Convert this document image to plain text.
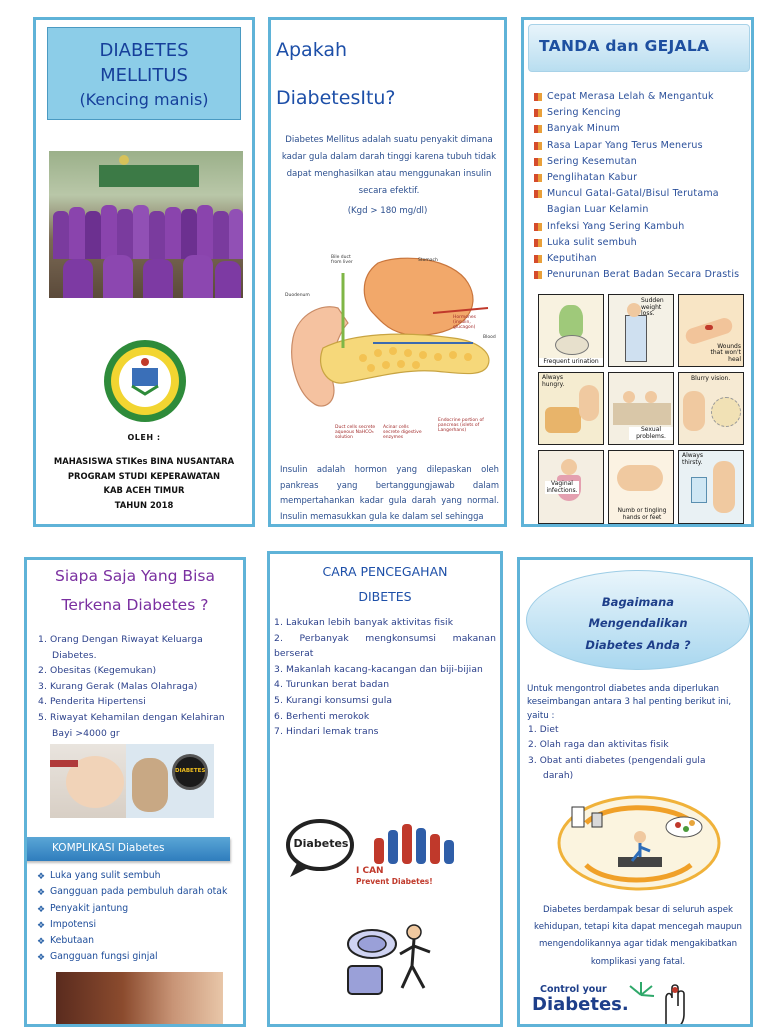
DIABETES
MELLITUS
(Kencing manis)
OLEH :
MAHASISWA STIKes BINA NUSANTARA
PROGRAM STUDI KEPERAWATAN
KAB ACEH TIMUR
TAHUN 2018
Apakah
DiabetesItu?
Diabetes Mellitus adalah suatu penyakit dimana kadar gula dalam darah tinggi karena tubuh tidak dapat menghasilkan atau menggunakan insulin secara efektif.
(Kgd > 180 mg/dl)
Bile duct from liver	Stomach
Duodenum
Hormones (insulin, glucagon)
Blood
Duct cells secrete aqueous NaHCO₃ solution
Acinar cells secrete digestive enzymes
Endocrine portion of pancreas (islets of Langerhans)
Insulin adalah hormon yang dilepaskan oleh pankreas yang bertanggungjawab dalam mempertahankan kadar gula darah yang normal. Insulin memasukkan gula ke dalam sel sehingga
TANDA dan GEJALA
Cepat Merasa Lelah & Mengantuk
Sering Kencing
Banyak Minum
Rasa Lapar Yang Terus Menerus
Sering Kesemutan
Penglihatan Kabur
Muncul Gatal-Gatal/Bisul Terutama
Bagian Luar Kelamin
Infeksi Yang Sering Kambuh
Luka sulit sembuh
Keputihan
Penurunan Berat Badan Secara Drastis
Frequent urination
Sudden weight loss.
Wounds that won't heal
Always hungry.
Sexual problems.
Blurry vision.
Vaginal infections.
Numb or tingling hands or feet
Always thirsty.
Siapa Saja Yang Bisa
Terkena Diabetes ?
1. Orang Dengan Riwayat Keluarga
Diabetes.
2. Obesitas (Kegemukan)
3. Kurang Gerak (Malas Olahraga)
4. Penderita Hipertensi
5. Riwayat Kehamilan dengan Kelahiran
Bayi >4000 gr
DIABETES
KOMPLIKASI Diabetes
❖ Luka yang sulit sembuh
❖ Gangguan pada pembuluh darah otak
❖ Penyakit jantung
❖ Impotensi
❖ Kebutaan
❖ Gangguan fungsi ginjal
CARA PENCEGAHAN
DIBETES
1. Lakukan lebih banyak aktivitas fisik
2. Perbanyak mengkonsumsi makanan berserat
3. Makanlah kacang-kacangan dan biji-bijian
4. Turunkan berat badan
5. Kurangi konsumsi gula
6. Berhenti merokok
7. Hindari lemak trans
Diabetes
I CAN
Prevent Diabetes!
Bagaimana
Mengendalikan
Diabetes Anda ?
Untuk mengontrol diabetes anda diperlukan keseimbangan antara 3 hal penting berikut ini, yaitu :
1. Diet
2. Olah raga dan aktivitas fisik
3. Obat anti diabetes (pengendali gula
darah)
Diabetes berdampak besar di seluruh aspek kehidupan, tetapi kita dapat mencegah maupun mengendolikannya agar tidak mengakibatkan komplikasi yang fatal.
Control your
Diabetes.
